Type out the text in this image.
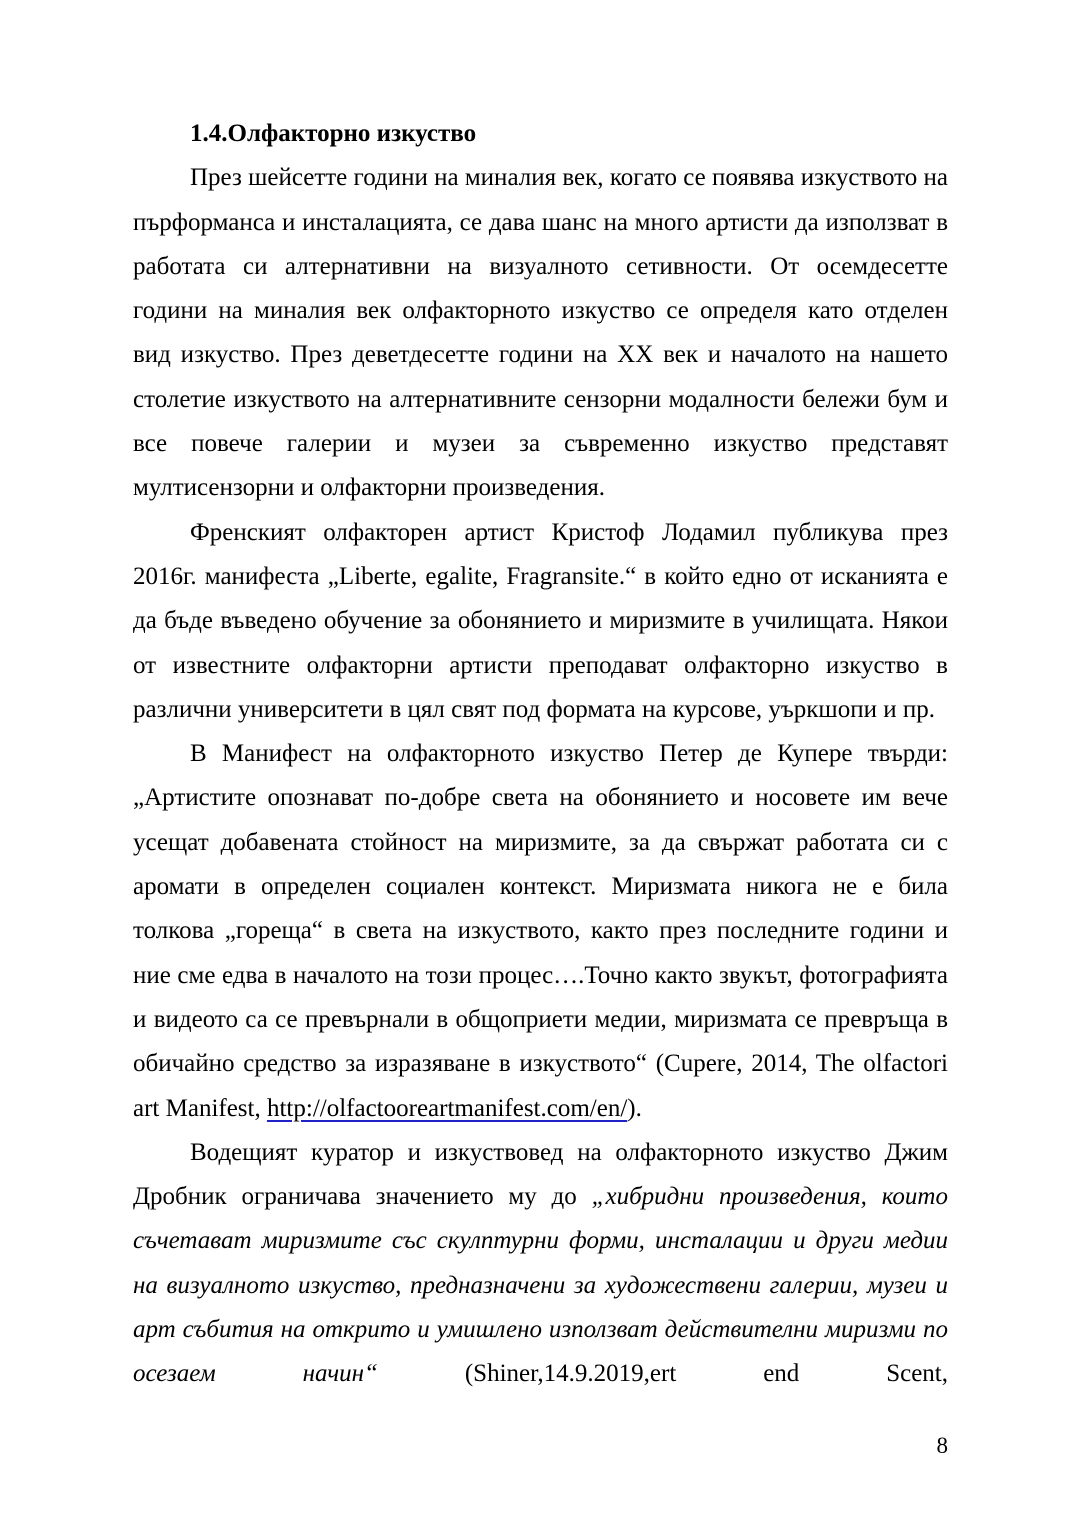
1.4.Олфакторно изкуство

През шейсетте години на миналия век, когато се появява изкуството на пърформанса и инсталацията, се дава шанс на много артисти да използват в работата си алтернативни на визуалното сетивности. От осемдесетте години на миналия век олфакторното изкуство се определя като отделен вид изкуство. През деветдесетте години на ХХ век и началото на нашето столетие изкуството на алтернативните сензорни модалности бележи бум и все повече галерии и музеи за съвременно изкуство представят мултисензорни и олфакторни произведения.

Френският олфакторен артист Кристоф Лодамил публикува през 2016г. манифеста „Liberte, egalite, Fragransite.“ в който едно от исканията е да бъде въведено обучение за обонянието и миризмите в училищата. Някои от известните олфакторни артисти преподават олфакторно изкуство в различни университети в цял свят под формата на курсове, уъркшопи и пр.

В Манифест на олфакторното изкуство Петер де Купере твърди: „Артистите опознават по-добре света на обонянието и носовете им вече усещат добавената стойност на миризмите, за да свържат работата си с аромати в определен социален контекст. Миризмата никога не е била толкова „гореща“ в света на изкуството, както през последните години и ние сме едва в началото на този процес….Точно както звукът, фотографията и видеото са се превърнали в общоприети медии, миризмата се превръща в обичайно средство за изразяване в изкуството“ (Cupere, 2014, The olfactori art Manifest, http://olfactooreartmanifest.com/en/).

Водещият куратор и изкуствовед на олфакторното изкуство Джим Дробник ограничава значението му до „хибридни произведения, които съчетават миризмите със скулптурни форми, инсталации и други медии на визуалното изкуство, предназначени за художествени галерии, музеи и арт събития на открито и умишлено използват действителни миризми по осезаем начин“ (Shiner,14.9.2019,ert end Scent,

8
